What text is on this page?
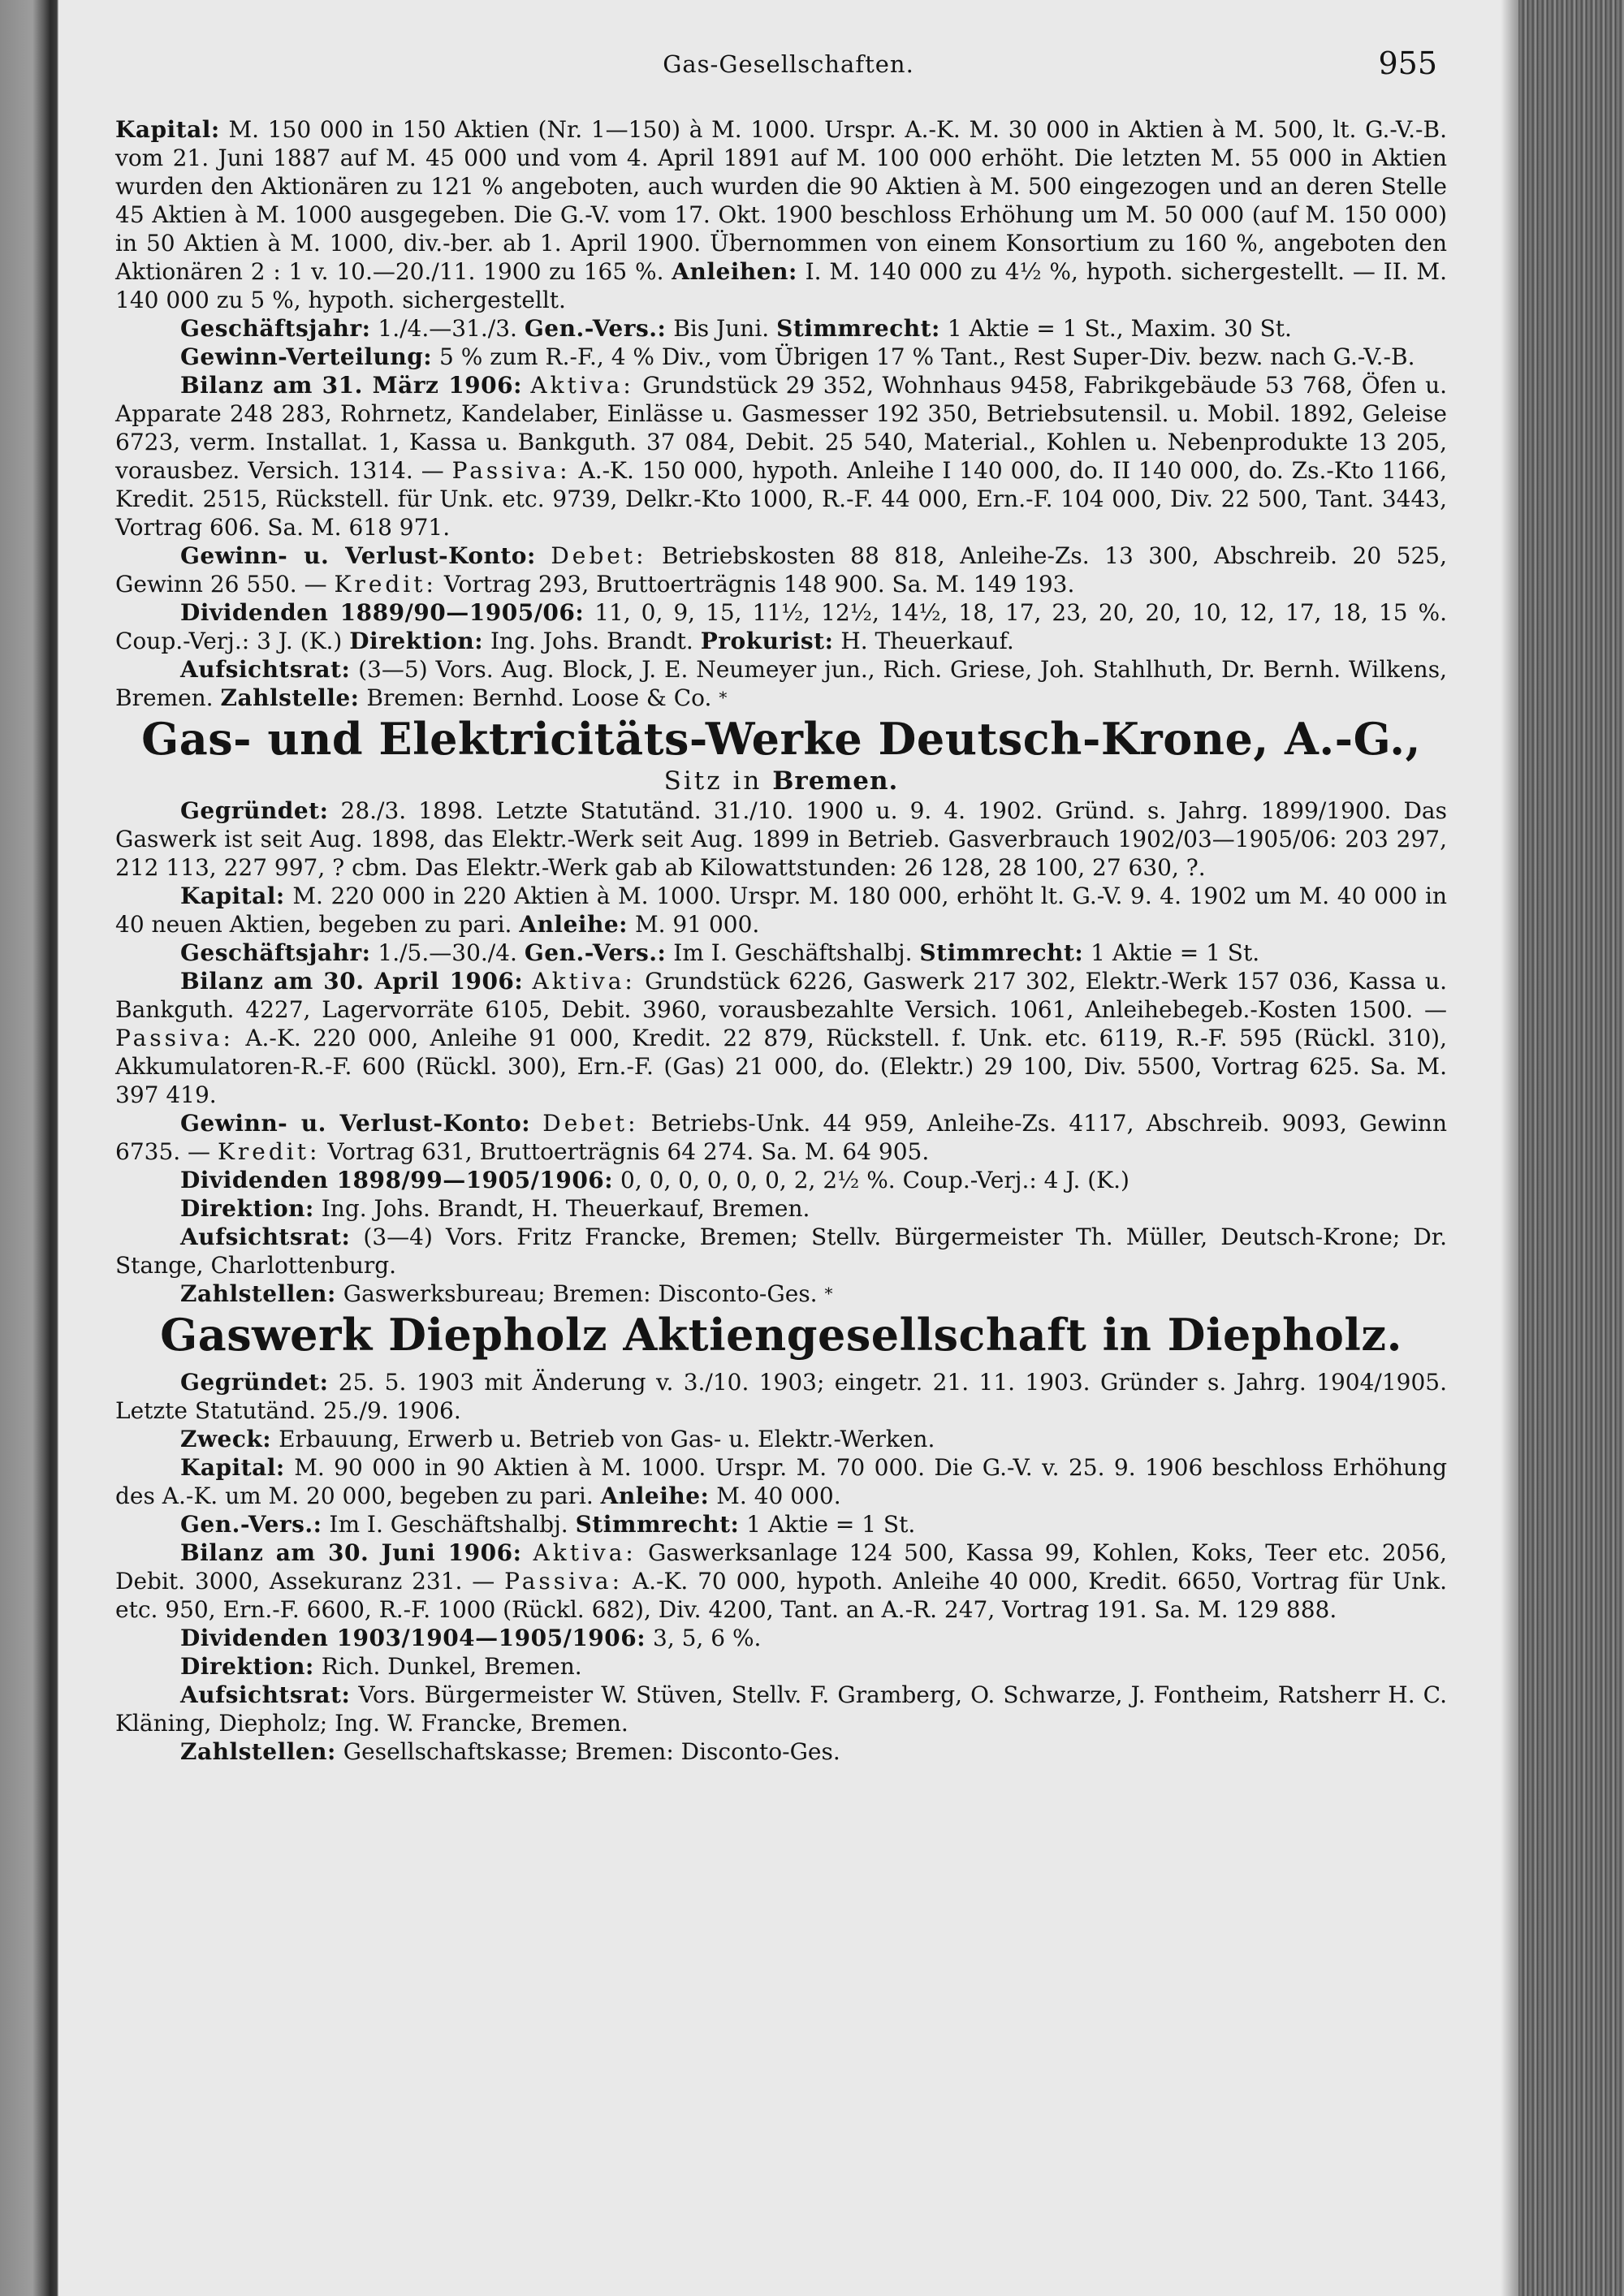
Gas-Gesellschaften.	955

Kapital: M. 150 000 in 150 Aktien (Nr. 1—150) à M. 1000. Urspr. A.-K. M. 30 000 in Aktien à M. 500, lt. G.-V.-B. vom 21. Juni 1887 auf M. 45 000 und vom 4. April 1891 auf M. 100 000 erhöht. Die letzten M. 55 000 in Aktien wurden den Aktionären zu 121 % angeboten, auch wurden die 90 Aktien à M. 500 eingezogen und an deren Stelle 45 Aktien à M. 1000 ausgegeben. Die G.-V. vom 17. Okt. 1900 beschloss Erhöhung um M. 50 000 (auf M. 150 000) in 50 Aktien à M. 1000, div.-ber. ab 1. April 1900. Übernommen von einem Konsortium zu 160 %, angeboten den Aktionären 2 : 1 v. 10.—20./11. 1900 zu 165 %. Anleihen: I. M. 140 000 zu 4½ %, hypoth. sichergestellt. — II. M. 140 000 zu 5 %, hypoth. sichergestellt.

Geschäftsjahr: 1./4.—31./3. Gen.-Vers.: Bis Juni. Stimmrecht: 1 Aktie = 1 St., Maxim. 30 St.

Gewinn-Verteilung: 5 % zum R.-F., 4 % Div., vom Übrigen 17 % Tant., Rest Super-Div. bezw. nach G.-V.-B.

Bilanz am 31. März 1906: Aktiva: Grundstück 29 352, Wohnhaus 9458, Fabrikgebäude 53 768, Öfen u. Apparate 248 283, Rohrnetz, Kandelaber, Einlässe u. Gasmesser 192 350, Betriebsutensil. u. Mobil. 1892, Geleise 6723, verm. Installat. 1, Kassa u. Bankguth. 37 084, Debit. 25 540, Material., Kohlen u. Nebenprodukte 13 205, vorausbez. Versich. 1314. — Passiva: A.-K. 150 000, hypoth. Anleihe I 140 000, do. II 140 000, do. Zs.-Kto 1166, Kredit. 2515, Rückstell. für Unk. etc. 9739, Delkr.-Kto 1000, R.-F. 44 000, Ern.-F. 104 000, Div. 22 500, Tant. 3443, Vortrag 606. Sa. M. 618 971.

Gewinn- u. Verlust-Konto: Debet: Betriebskosten 88 818, Anleihe-Zs. 13 300, Abschreib. 20 525, Gewinn 26 550. — Kredit: Vortrag 293, Bruttoerträgnis 148 900. Sa. M. 149 193.

Dividenden 1889/90—1905/06: 11, 0, 9, 15, 11½, 12½, 14½, 18, 17, 23, 20, 20, 10, 12, 17, 18, 15 %. Coup.-Verj.: 3 J. (K.) Direktion: Ing. Johs. Brandt. Prokurist: H. Theuerkauf.

Aufsichtsrat: (3—5) Vors. Aug. Block, J. E. Neumeyer jun., Rich. Griese, Joh. Stahlhuth, Dr. Bernh. Wilkens, Bremen. Zahlstelle: Bremen: Bernhd. Loose & Co. *

Gas- und Elektricitäts-Werke Deutsch-Krone, A.-G.,

Sitz in Bremen.

Gegründet: 28./3. 1898. Letzte Statutänd. 31./10. 1900 u. 9. 4. 1902. Gründ. s. Jahrg. 1899/1900. Das Gaswerk ist seit Aug. 1898, das Elektr.-Werk seit Aug. 1899 in Betrieb. Gasverbrauch 1902/03—1905/06: 203 297, 212 113, 227 997, ? cbm. Das Elektr.-Werk gab ab Kilowattstunden: 26 128, 28 100, 27 630, ?.

Kapital: M. 220 000 in 220 Aktien à M. 1000. Urspr. M. 180 000, erhöht lt. G.-V. 9. 4. 1902 um M. 40 000 in 40 neuen Aktien, begeben zu pari. Anleihe: M. 91 000.

Geschäftsjahr: 1./5.—30./4. Gen.-Vers.: Im I. Geschäftshalbj. Stimmrecht: 1 Aktie = 1 St.

Bilanz am 30. April 1906: Aktiva: Grundstück 6226, Gaswerk 217 302, Elektr.-Werk 157 036, Kassa u. Bankguth. 4227, Lagervorräte 6105, Debit. 3960, vorausbezahlte Versich. 1061, Anleihebegeb.-Kosten 1500. — Passiva: A.-K. 220 000, Anleihe 91 000, Kredit. 22 879, Rückstell. f. Unk. etc. 6119, R.-F. 595 (Rückl. 310), Akkumulatoren-R.-F. 600 (Rückl. 300), Ern.-F. (Gas) 21 000, do. (Elektr.) 29 100, Div. 5500, Vortrag 625. Sa. M. 397 419.

Gewinn- u. Verlust-Konto: Debet: Betriebs-Unk. 44 959, Anleihe-Zs. 4117, Abschreib. 9093, Gewinn 6735. — Kredit: Vortrag 631, Bruttoerträgnis 64 274. Sa. M. 64 905.

Dividenden 1898/99—1905/1906: 0, 0, 0, 0, 0, 0, 2, 2½ %. Coup.-Verj.: 4 J. (K.)

Direktion: Ing. Johs. Brandt, H. Theuerkauf, Bremen.

Aufsichtsrat: (3—4) Vors. Fritz Francke, Bremen; Stellv. Bürgermeister Th. Müller, Deutsch-Krone; Dr. Stange, Charlottenburg.

Zahlstellen: Gaswerksbureau; Bremen: Disconto-Ges. *

Gaswerk Diepholz Aktiengesellschaft in Diepholz.

Gegründet: 25. 5. 1903 mit Änderung v. 3./10. 1903; eingetr. 21. 11. 1903. Gründer s. Jahrg. 1904/1905. Letzte Statutänd. 25./9. 1906.

Zweck: Erbauung, Erwerb u. Betrieb von Gas- u. Elektr.-Werken.

Kapital: M. 90 000 in 90 Aktien à M. 1000. Urspr. M. 70 000. Die G.-V. v. 25. 9. 1906 beschloss Erhöhung des A.-K. um M. 20 000, begeben zu pari. Anleihe: M. 40 000.

Gen.-Vers.: Im I. Geschäftshalbj. Stimmrecht: 1 Aktie = 1 St.

Bilanz am 30. Juni 1906: Aktiva: Gaswerksanlage 124 500, Kassa 99, Kohlen, Koks, Teer etc. 2056, Debit. 3000, Assekuranz 231. — Passiva: A.-K. 70 000, hypoth. Anleihe 40 000, Kredit. 6650, Vortrag für Unk. etc. 950, Ern.-F. 6600, R.-F. 1000 (Rückl. 682), Div. 4200, Tant. an A.-R. 247, Vortrag 191. Sa. M. 129 888.

Dividenden 1903/1904—1905/1906: 3, 5, 6 %.

Direktion: Rich. Dunkel, Bremen.

Aufsichtsrat: Vors. Bürgermeister W. Stüven, Stellv. F. Gramberg, O. Schwarze, J. Fontheim, Ratsherr H. C. Kläning, Diepholz; Ing. W. Francke, Bremen.

Zahlstellen: Gesellschaftskasse; Bremen: Disconto-Ges.
